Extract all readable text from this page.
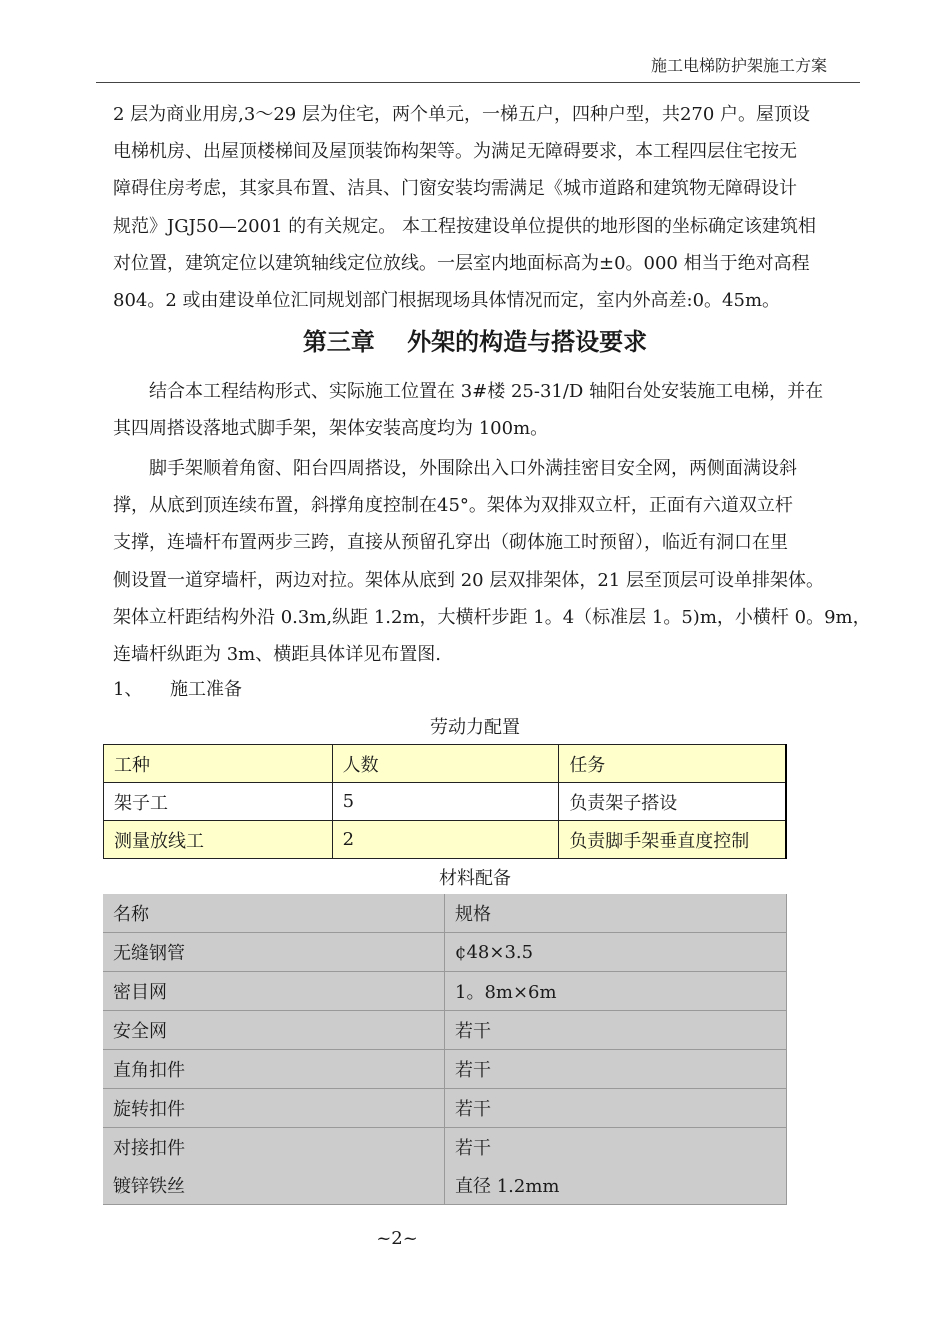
施工电梯防护架施工方案
2 层为商业用房,3～29 层为住宅，两个单元，一梯五户，四种户型，共270 户。屋顶设
电梯机房、出屋顶楼梯间及屋顶装饰构架等。为满足无障碍要求，本工程四层住宅按无
障碍住房考虑，其家具布置、洁具、门窗安装均需满足《城市道路和建筑物无障碍设计
规范》JGJ50—2001 的有关规定。 本工程按建设单位提供的地形图的坐标确定该建筑相
对位置，建筑定位以建筑轴线定位放线。一层室内地面标高为±0。000 相当于绝对高程
804。2 或由建设单位汇同规划部门根据现场具体情况而定，室内外高差:0。45m。
第三章　 外架的构造与搭设要求
结合本工程结构形式、实际施工位置在 3#楼 25-31/D 轴阳台处安装施工电梯，并在
其四周搭设落地式脚手架，架体安装高度均为 100m。
脚手架顺着角窗、阳台四周搭设，外围除出入口外满挂密目安全网，两侧面满设斜
撑，从底到顶连续布置，斜撑角度控制在45°。架体为双排双立杆，正面有六道双立杆
支撑，连墙杆布置两步三跨，直接从预留孔穿出（砌体施工时预留），临近有洞口在里
侧设置一道穿墙杆，两边对拉。架体从底到 20 层双排架体，21 层至顶层可设单排架体。
架体立杆距结构外沿 0.3m,纵距 1.2m，大横杆步距 1。4（标准层 1。5)m，小横杆 0。9m，
连墙杆纵距为 3m、横距具体详见布置图.
1、 施工准备
劳动力配置
工种	人数	任务
架子工	5	负责架子搭设
测量放线工	2	负责脚手架垂直度控制
材料配备
名称	规格
无缝钢管	¢48×3.5
密目网	1。8m×6m
安全网	若干
直角扣件	若干
旋转扣件	若干
对接扣件	若干
镀锌铁丝	直径 1.2mm
~2~
